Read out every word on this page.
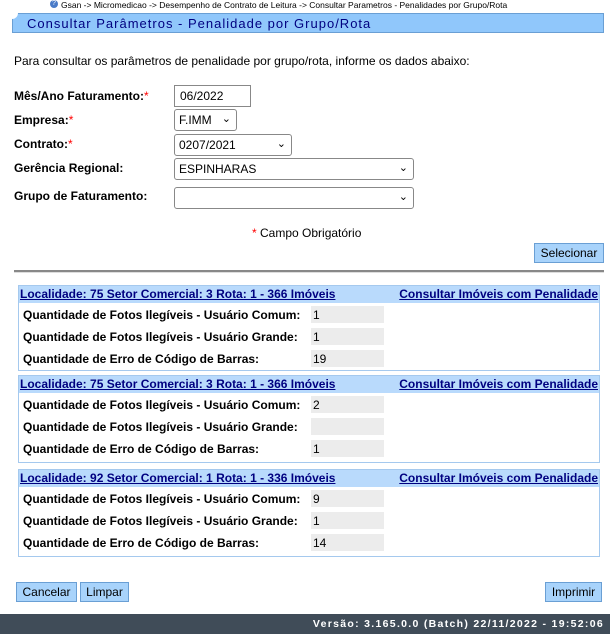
? Gsan -> Micromedicao -> Desempenho de Contrato de Leitura -> Consultar Parametros - Penalidades por Grupo/Rota
Consultar Parâmetros - Penalidade por Grupo/Rota
Para consultar os parâmetros de penalidade por grupo/rota, informe os dados abaixo:
Mês/Ano Faturamento:*	06/2022
Empresa:*	F.IMM ⌄
Contrato:*	0207/2021	⌄
Gerência Regional:	ESPINHARAS	⌄
Grupo de Faturamento:	⌄
* Campo Obrigatório
Selecionar
Localidade: 75 Setor Comercial: 3 Rota: 1 - 366 Imóveis	Consultar Imóveis com Penalidade
Quantidade de Fotos Ilegíveis - Usuário Comum: 1
Quantidade de Fotos Ilegíveis - Usuário Grande: 1
Quantidade de Erro de Código de Barras:	19
Localidade: 75 Setor Comercial: 3 Rota: 1 - 366 Imóveis	Consultar Imóveis com Penalidade
Quantidade de Fotos Ilegíveis - Usuário Comum: 2
Quantidade de Fotos Ilegíveis - Usuário Grande:
Quantidade de Erro de Código de Barras:	1
Localidade: 92 Setor Comercial: 1 Rota: 1 - 336 Imóveis	Consultar Imóveis com Penalidade
Quantidade de Fotos Ilegíveis - Usuário Comum: 9
Quantidade de Fotos Ilegíveis - Usuário Grande: 1
Quantidade de Erro de Código de Barras:	14
Cancelar	Limpar	Imprimir
Versão: 3.165.0.0 (Batch) 22/11/2022 - 19:52:06
